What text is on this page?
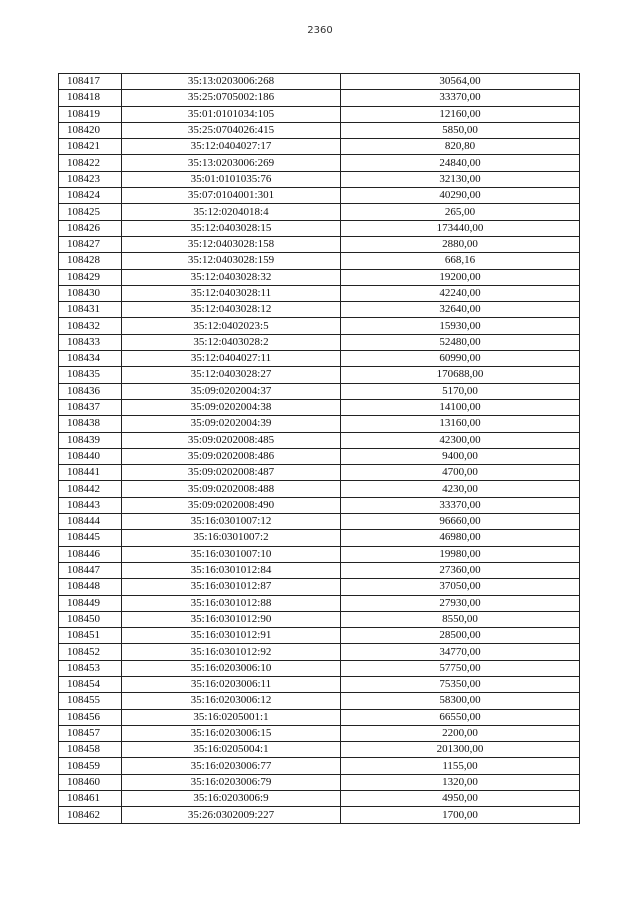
2360
108417	35:13:0203006:268	30564,00
108418	35:25:0705002:186	33370,00
108419	35:01:0101034:105	12160,00
108420	35:25:0704026:415	5850,00
108421	35:12:0404027:17	820,80
108422	35:13:0203006:269	24840,00
108423	35:01:0101035:76	32130,00
108424	35:07:0104001:301	40290,00
108425	35:12:0204018:4	265,00
108426	35:12:0403028:15	173440,00
108427	35:12:0403028:158	2880,00
108428	35:12:0403028:159	668,16
108429	35:12:0403028:32	19200,00
108430	35:12:0403028:11	42240,00
108431	35:12:0403028:12	32640,00
108432	35:12:0402023:5	15930,00
108433	35:12:0403028:2	52480,00
108434	35:12:0404027:11	60990,00
108435	35:12:0403028:27	170688,00
108436	35:09:0202004:37	5170,00
108437	35:09:0202004:38	14100,00
108438	35:09:0202004:39	13160,00
108439	35:09:0202008:485	42300,00
108440	35:09:0202008:486	9400,00
108441	35:09:0202008:487	4700,00
108442	35:09:0202008:488	4230,00
108443	35:09:0202008:490	33370,00
108444	35:16:0301007:12	96660,00
108445	35:16:0301007:2	46980,00
108446	35:16:0301007:10	19980,00
108447	35:16:0301012:84	27360,00
108448	35:16:0301012:87	37050,00
108449	35:16:0301012:88	27930,00
108450	35:16:0301012:90	8550,00
108451	35:16:0301012:91	28500,00
108452	35:16:0301012:92	34770,00
108453	35:16:0203006:10	57750,00
108454	35:16:0203006:11	75350,00
108455	35:16:0203006:12	58300,00
108456	35:16:0205001:1	66550,00
108457	35:16:0203006:15	2200,00
108458	35:16:0205004:1	201300,00
108459	35:16:0203006:77	1155,00
108460	35:16:0203006:79	1320,00
108461	35:16:0203006:9	4950,00
108462	35:26:0302009:227	1700,00
